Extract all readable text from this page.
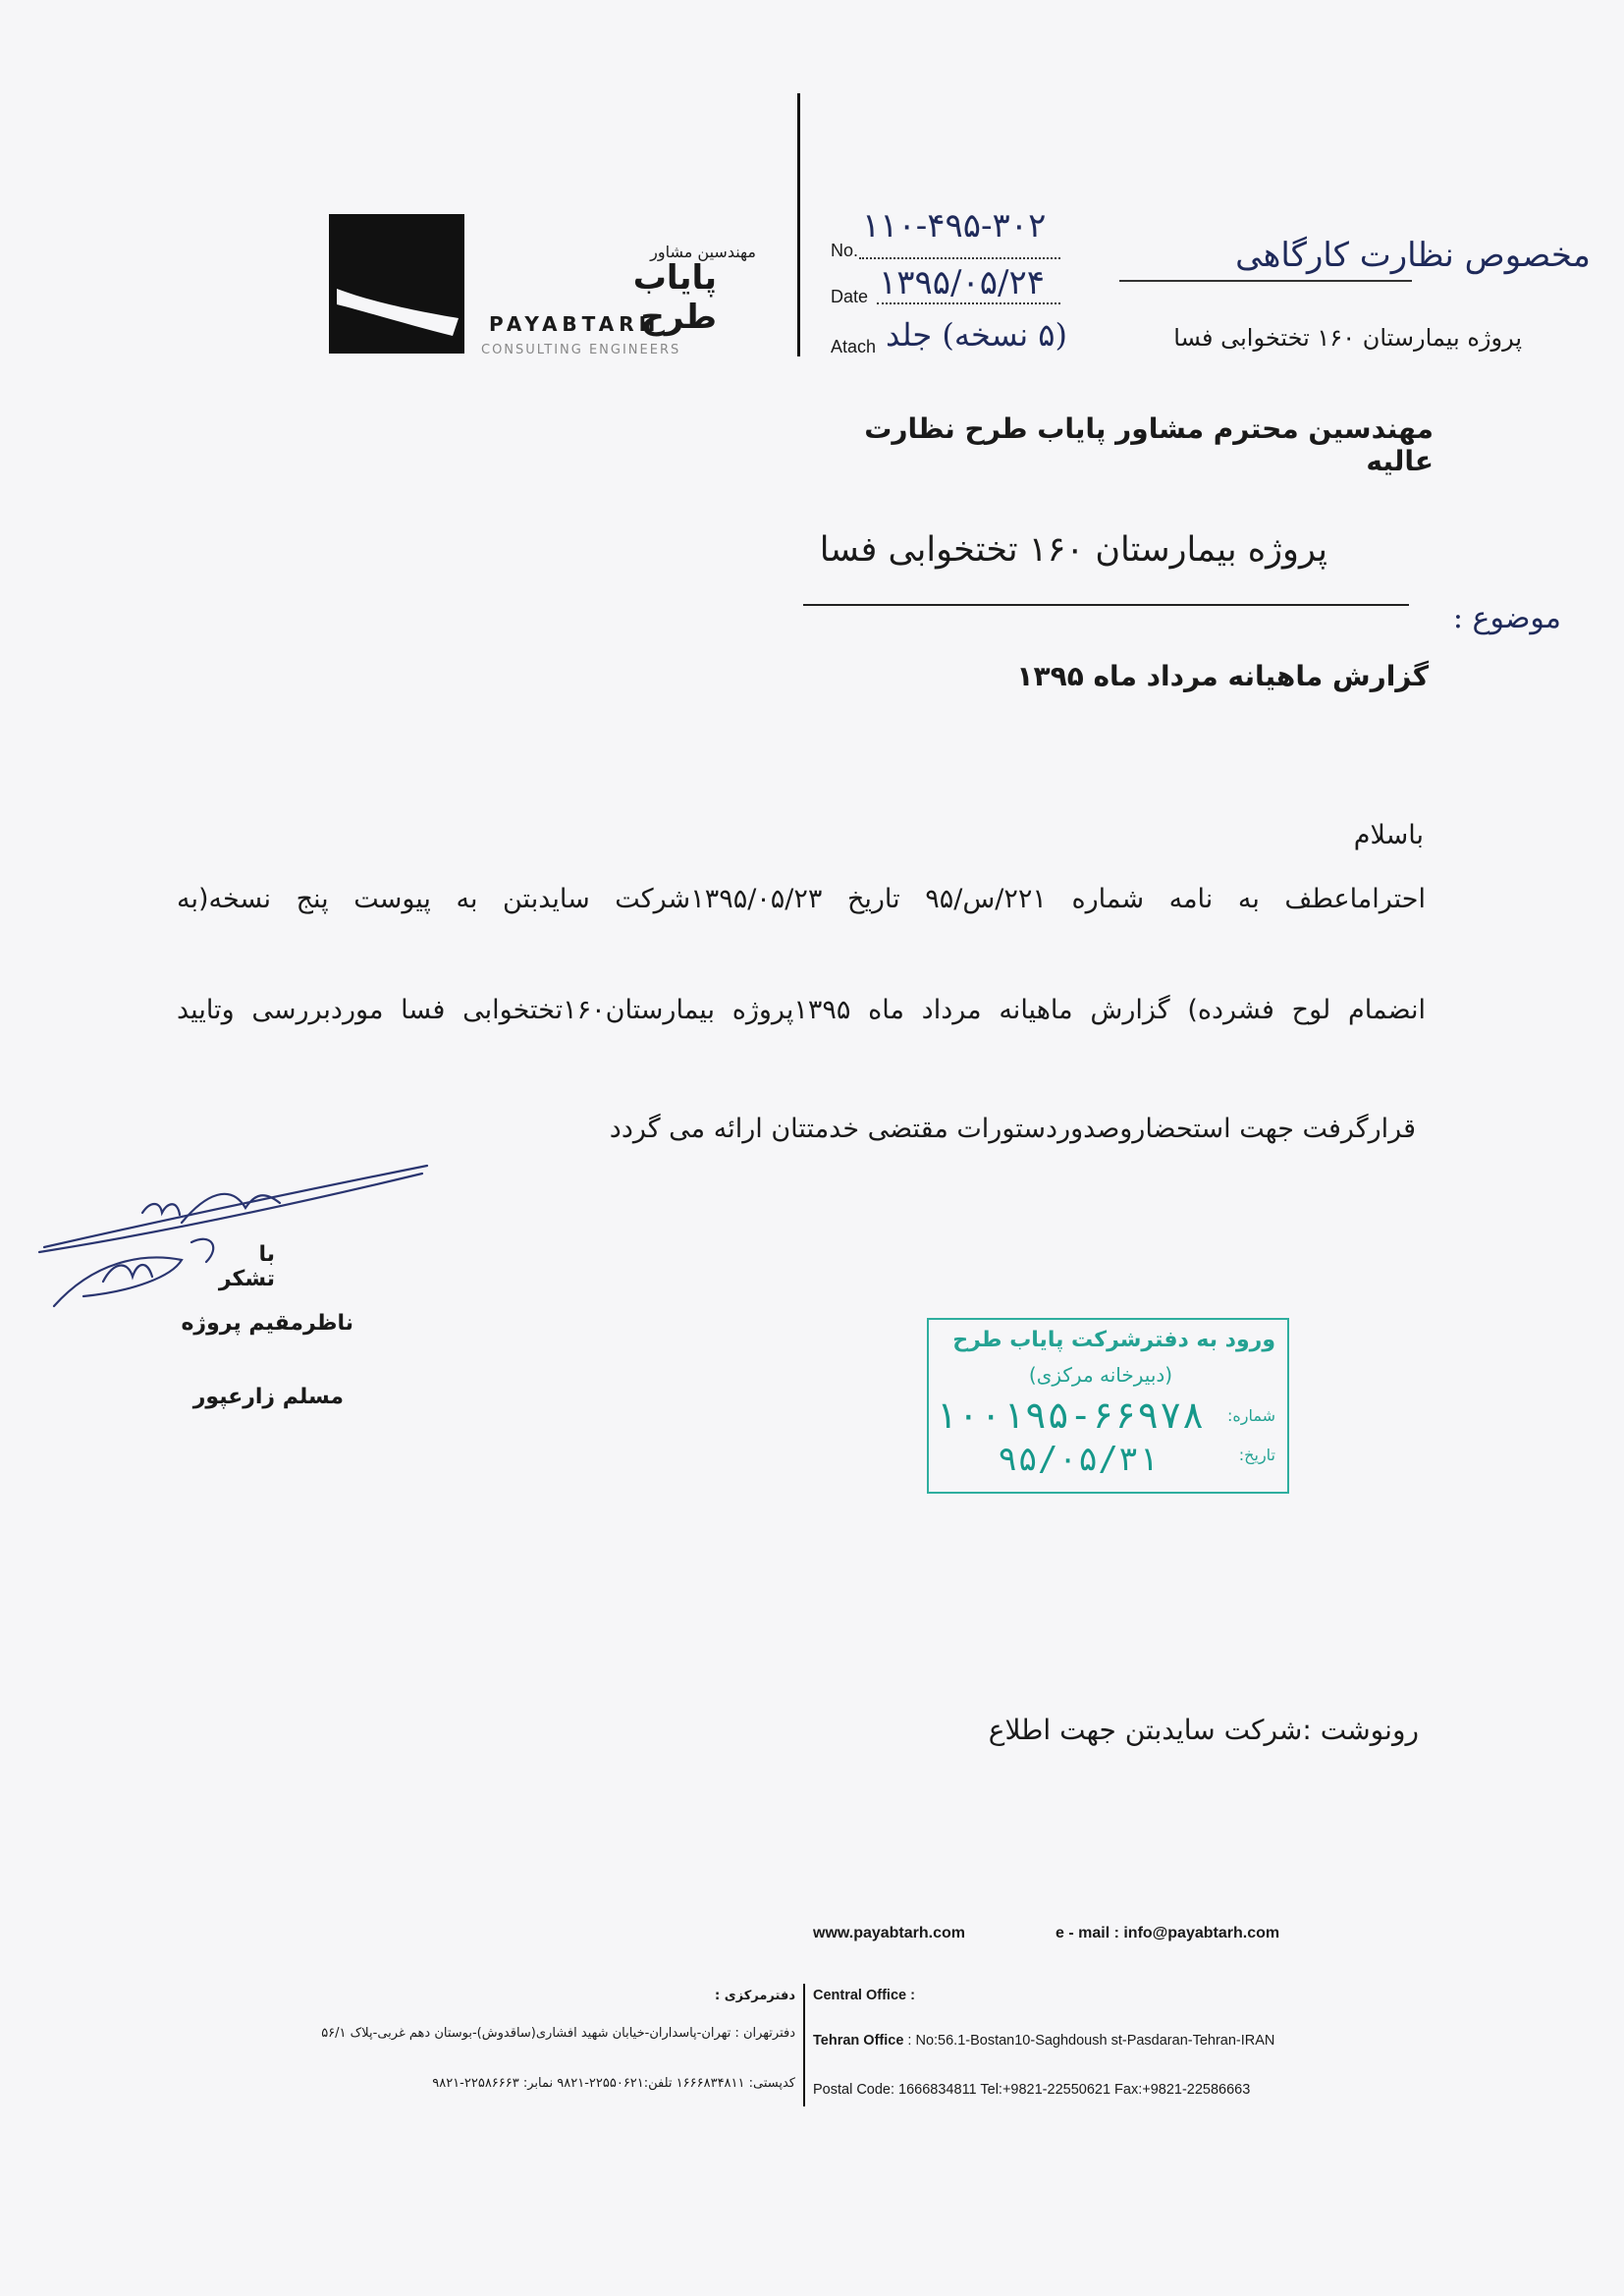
مهندسین مشاور
پایاب طرح
PAYABTARH
CONSULTING ENGINEERS
No.
۱۱۰-۴۹۵-۳۰۲
Date ۱۳۹۵/۰۵/۲۴
Atach (۵ نسخه) جلد
مخصوص نظارت کارگاهی
پروژه بیمارستان ۱۶۰ تختخوابی فسا
مهندسین محترم مشاور پایاب طرح نظارت عالیه
پروژه بیمارستان ۱۶۰ تختخوابی فسا
موضوع :
گزارش ماهیانه مرداد ماه ۱۳۹۵
باسلام
احتراماعطف به نامه شماره ۲۲۱/س/۹۵ تاریخ ۱۳۹۵/۰۵/۲۳شرکت سایدبتن به پیوست پنج نسخه(به
انضمام لوح فشرده) گزارش ماهیانه مرداد ماه ۱۳۹۵پروژه بیمارستان۱۶۰تختخوابی فسا موردبررسی وتایید
قرارگرفت جهت استحضاروصدوردستورات مقتضی خدمتتان ارائه می گردد
با تشکر
ناظرمقیم پروژه
مسلم زارعپور
ورود به دفترشرکت پایاب طرح
(دبیرخانه مرکزی)
شماره:
تاریخ:
۱۰۰۱۹۵-۶۶۹۷۸
۹۵/۰۵/۳۱
رونوشت :شرکت سایدبتن جهت اطلاع
www.payabtarh.com	e - mail : info@payabtarh.com
Central Office :
Tehran Office : No:56.1-Bostan10-Saghdoush st-Pasdaran-Tehran-IRAN
Postal Code: 1666834811 Tel:+9821-22550621 Fax:+9821-22586663
دفترمرکزی :
دفترتهران : تهران-پاسداران-خیابان شهید افشاری(ساقدوش)-بوستان دهم غربی-پلاک ۵۶/۱
کدپستی: ۱۶۶۶۸۳۴۸۱۱ تلفن:۲۲۵۵۰۶۲۱-۹۸۲۱ نمابر: ۲۲۵۸۶۶۶۳-۹۸۲۱
